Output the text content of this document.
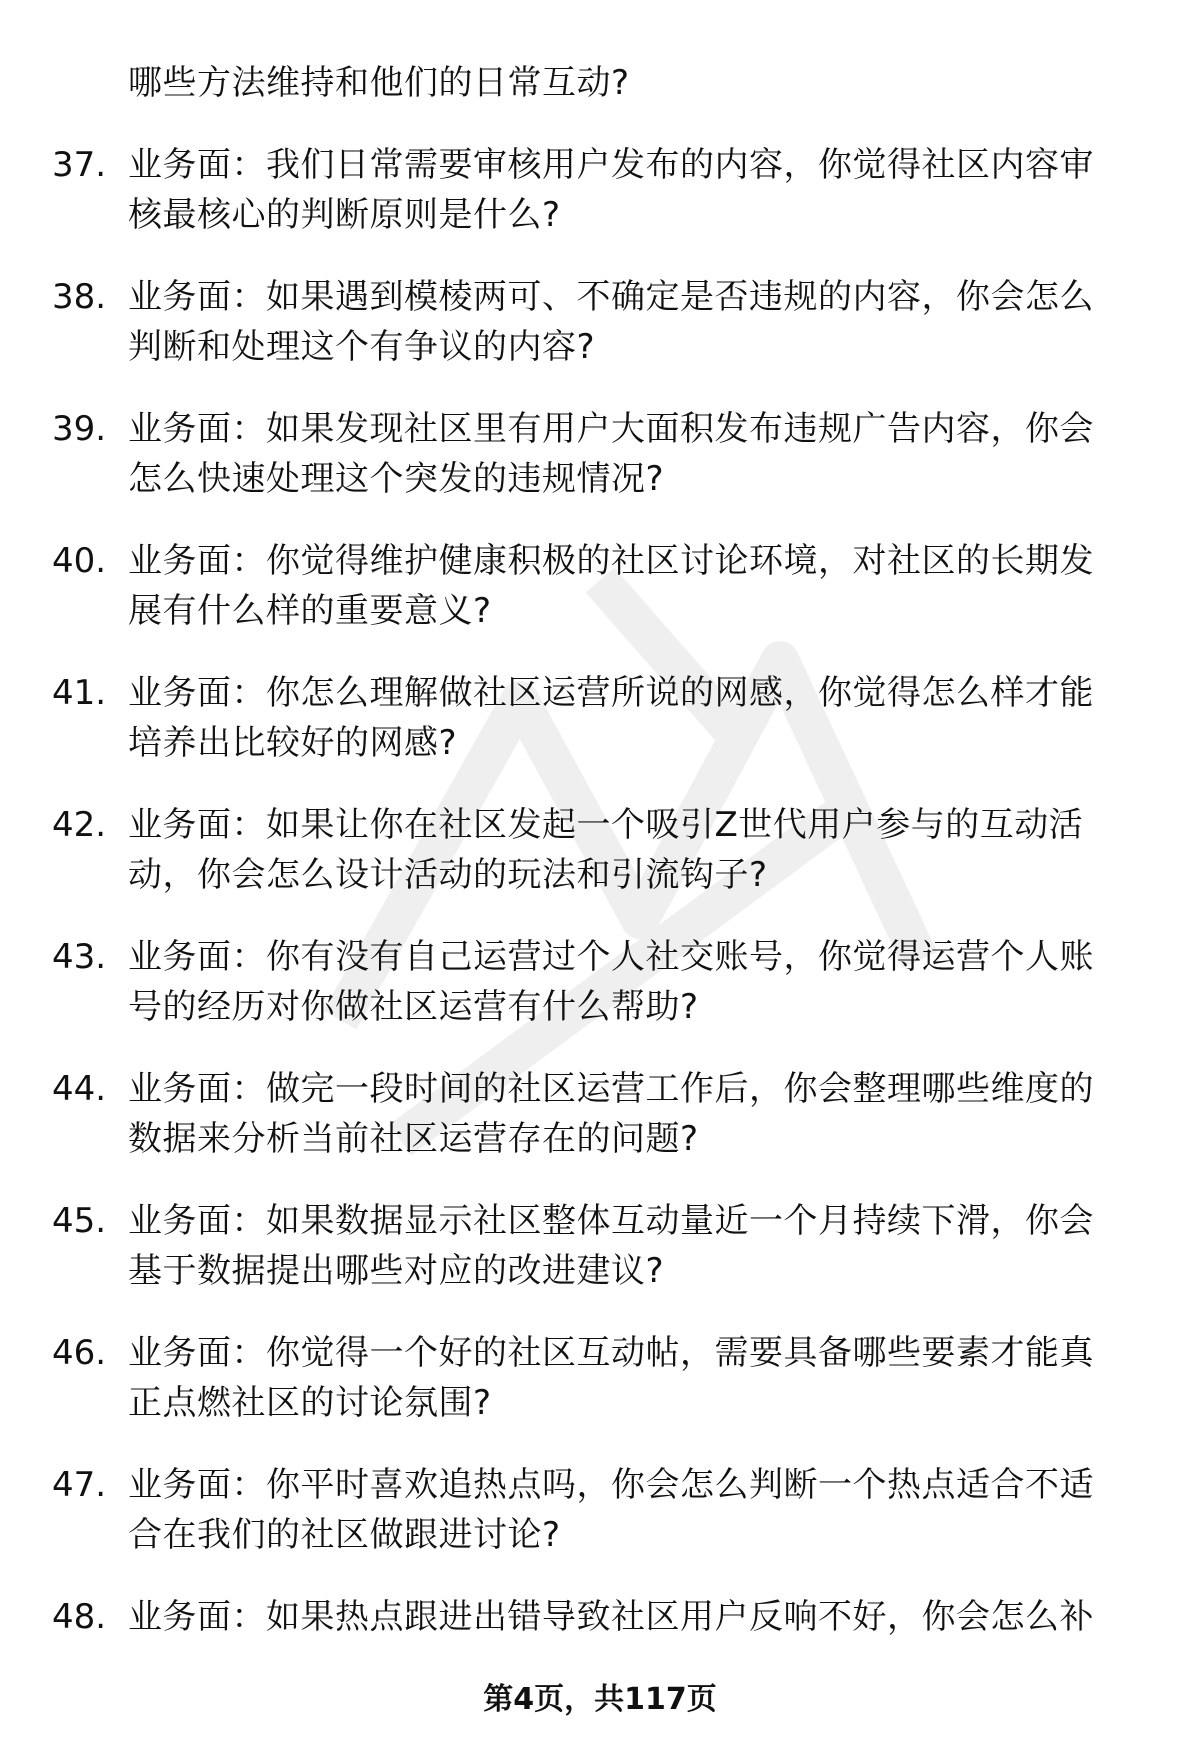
哪些方法维持和他们的日常互动?
37. 业务面：我们日常需要审核用户发布的内容，你觉得社区内容审
核最核心的判断原则是什么?
38. 业务面：如果遇到模棱两可、不确定是否违规的内容，你会怎么
判断和处理这个有争议的内容?
39. 业务面：如果发现社区里有用户大面积发布违规广告内容，你会
怎么快速处理这个突发的违规情况?
40. 业务面：你觉得维护健康积极的社区讨论环境，对社区的长期发
展有什么样的重要意义?
41. 业务面：你怎么理解做社区运营所说的网感，你觉得怎么样才能
培养出比较好的网感?
42. 业务面：如果让你在社区发起一个吸引Z世代用户参与的互动活
动，你会怎么设计活动的玩法和引流钩子?
43. 业务面：你有没有自己运营过个人社交账号，你觉得运营个人账
号的经历对你做社区运营有什么帮助?
44. 业务面：做完一段时间的社区运营工作后，你会整理哪些维度的
数据来分析当前社区运营存在的问题?
45. 业务面：如果数据显示社区整体互动量近一个月持续下滑，你会
基于数据提出哪些对应的改进建议?
46. 业务面：你觉得一个好的社区互动帖，需要具备哪些要素才能真
正点燃社区的讨论氛围?
47. 业务面：你平时喜欢追热点吗，你会怎么判断一个热点适合不适
合在我们的社区做跟进讨论?
48. 业务面：如果热点跟进出错导致社区用户反响不好，你会怎么补
第4页，共117页
